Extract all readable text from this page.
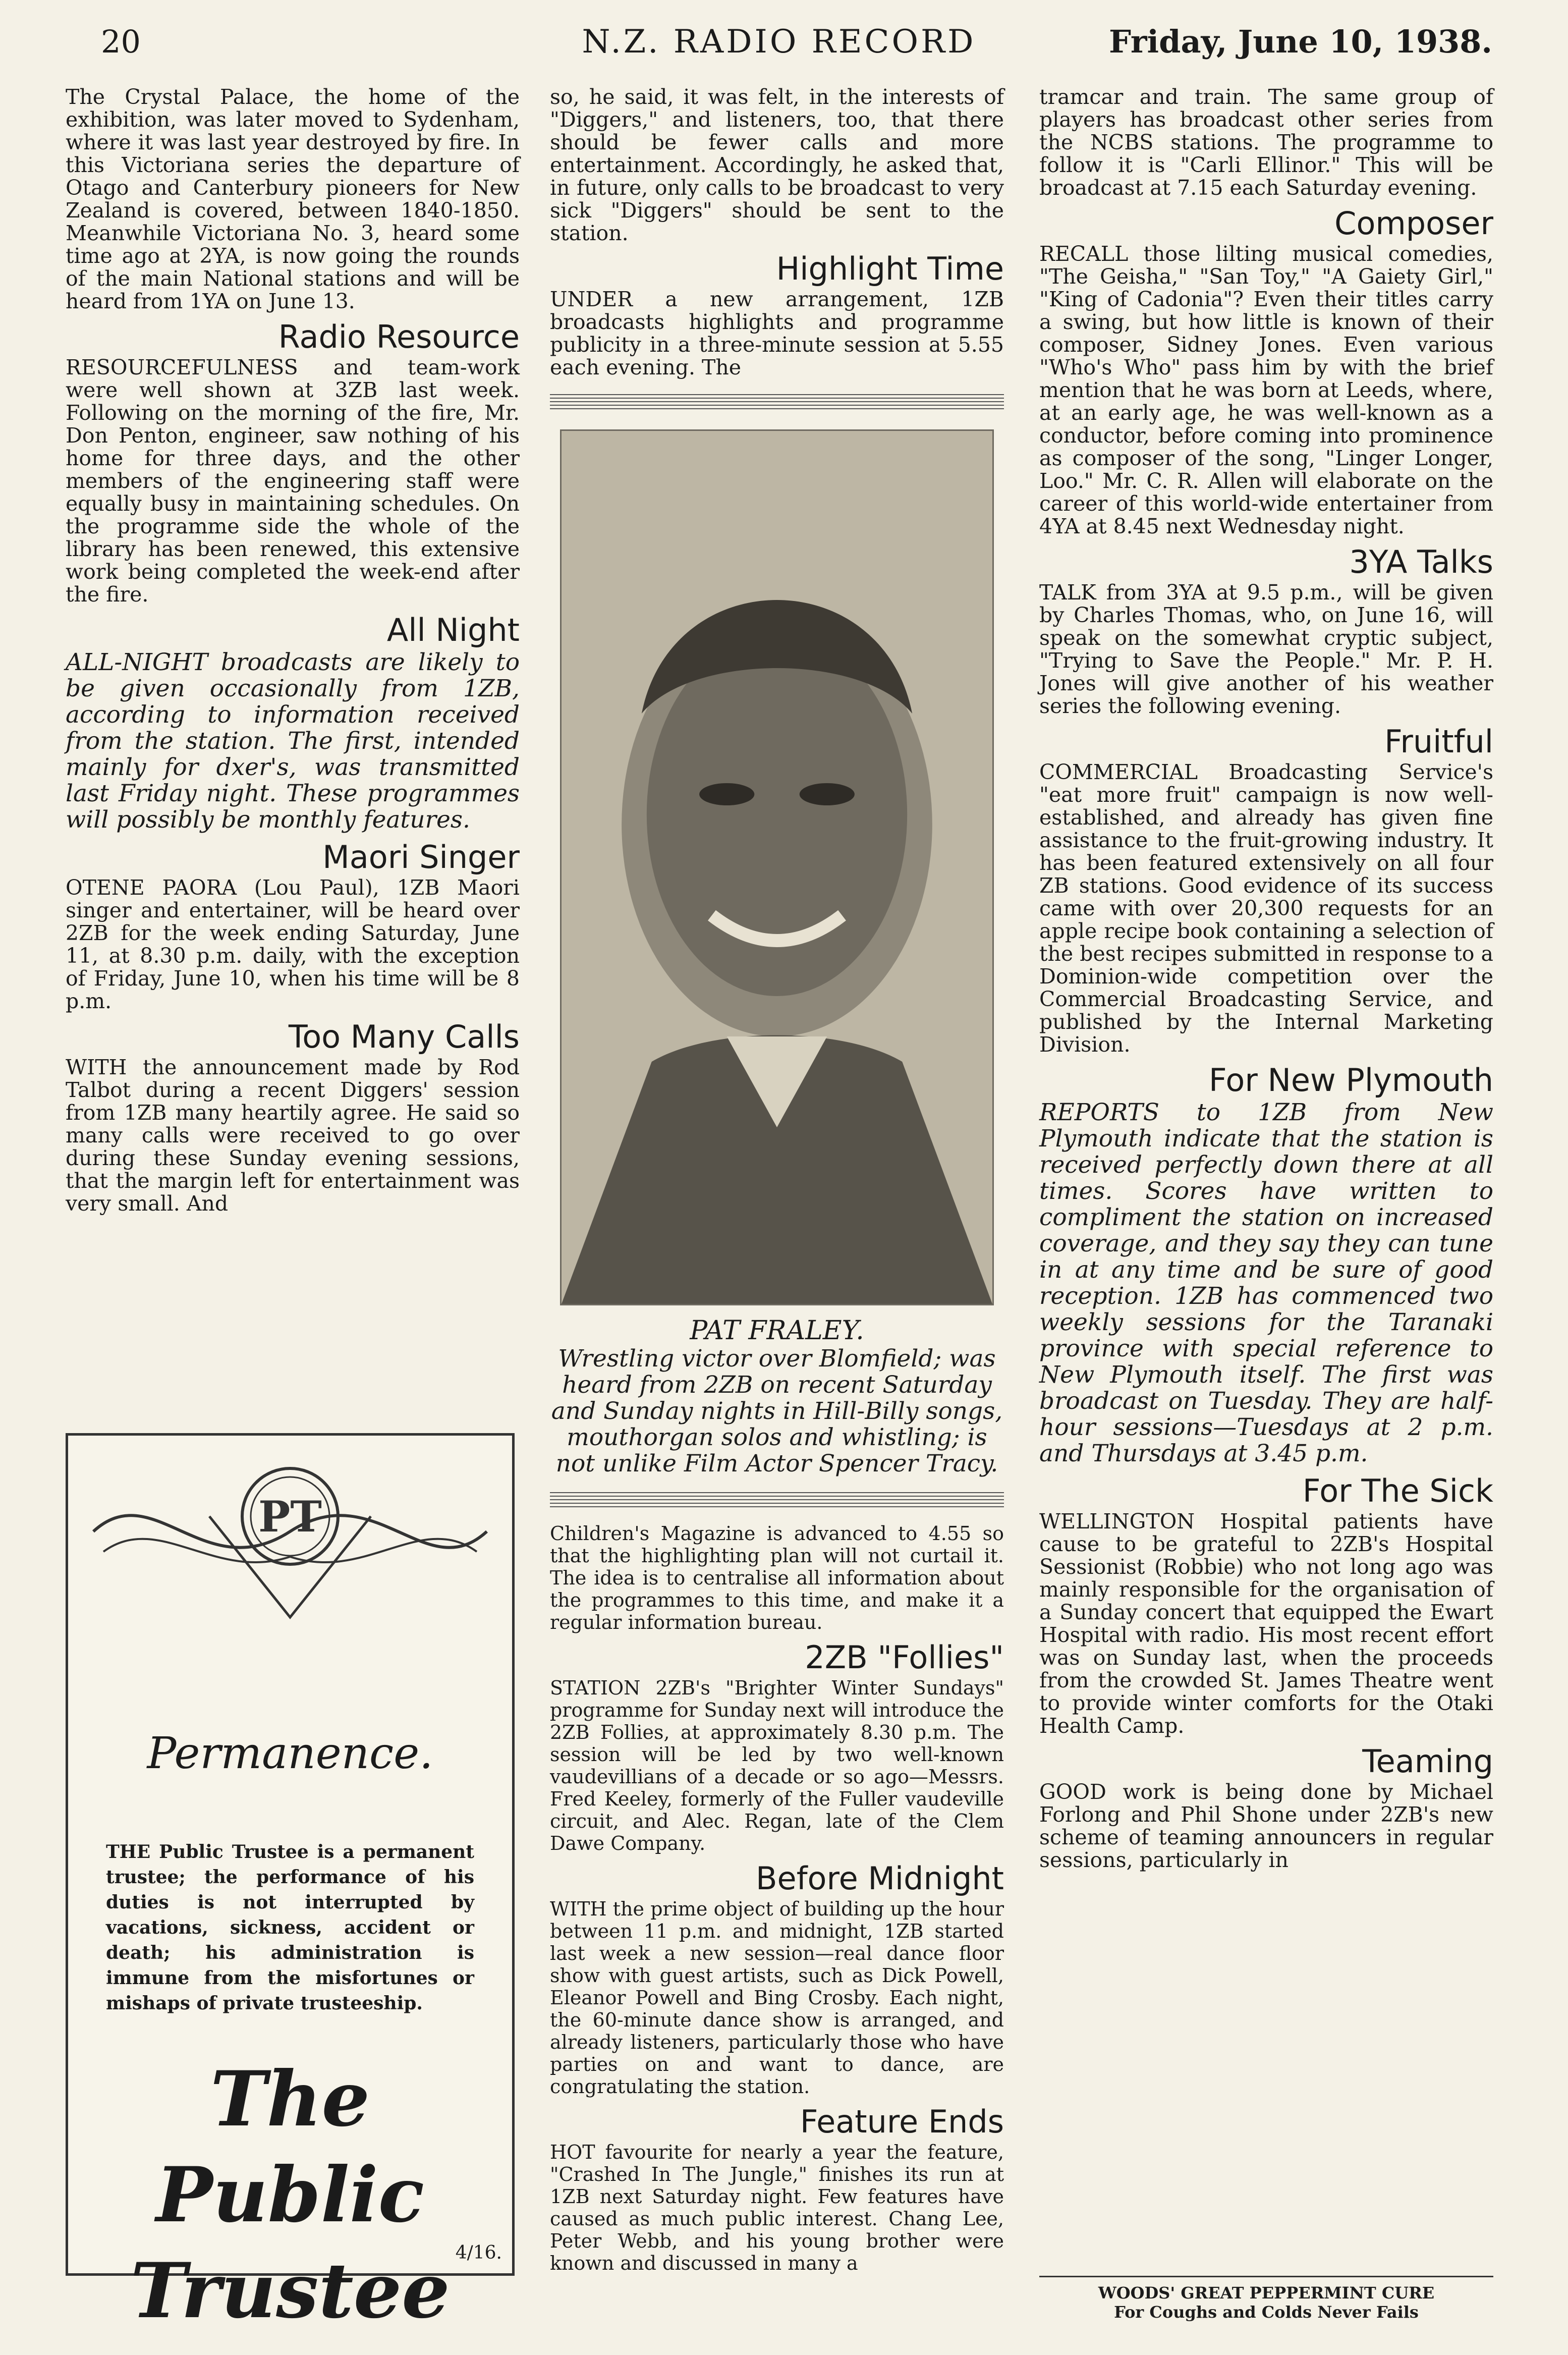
20	N.Z. RADIO RECORD	Friday, June 10, 1938.

The Crystal Palace, the home of the exhibition, was later moved to Sydenham, where it was last year destroyed by fire. In this Victoriana series the departure of Otago and Canterbury pioneers for New Zealand is covered, between 1840-1850. Meanwhile Victoriana No. 3, heard some time ago at 2YA, is now going the rounds of the main National stations and will be heard from 1YA on June 13.

Radio Resource

RESOURCEFULNESS and team-work were well shown at 3ZB last week. Following on the morning of the fire, Mr. Don Penton, engineer, saw nothing of his home for three days, and the other members of the engineering staff were equally busy in maintaining schedules. On the programme side the whole of the library has been renewed, this extensive work being completed the week-end after the fire.

All Night

ALL-NIGHT broadcasts are likely to be given occasionally from 1ZB, according to information received from the station. The first, intended mainly for dxer's, was transmitted last Friday night. These programmes will possibly be monthly features.

Maori Singer

OTENE PAORA (Lou Paul), 1ZB Maori singer and entertainer, will be heard over 2ZB for the week ending Saturday, June 11, at 8.30 p.m. daily, with the exception of Friday, June 10, when his time will be 8 p.m.

Too Many Calls

WITH the announcement made by Rod Talbot during a recent Diggers' session from 1ZB many heartily agree. He said so many calls were received to go over during these Sunday evening sessions, that the margin left for entertainment was very small. And

PT
Permanence.

THE Public Trustee is a permanent trustee; the performance of his duties is not interrupted by vacations, sickness, accident or death; his administration is immune from the misfortunes or mishaps of private trusteeship.

The Public Trustee 4/16.

so, he said, it was felt, in the interests of "Diggers," and listeners, too, that there should be fewer calls and more entertainment. Accordingly, he asked that, in future, only calls to be broadcast to very sick "Diggers" should be sent to the station.

Highlight Time

UNDER a new arrangement, 1ZB broadcasts highlights and programme publicity in a three-minute session at 5.55 each evening. The

PAT FRALEY.

Wrestling victor over Blomfield; was heard from 2ZB on recent Saturday and Sunday nights in Hill-Billy songs, mouthorgan solos and whistling; is not unlike Film Actor Spencer Tracy.

Children's Magazine is advanced to 4.55 so that the highlighting plan will not curtail it. The idea is to centralise all information about the programmes to this time, and make it a regular information bureau.

2ZB "Follies"

STATION 2ZB's "Brighter Winter Sundays" programme for Sunday next will introduce the 2ZB Follies, at approximately 8.30 p.m. The session will be led by two well-known vaudevillians of a decade or so ago—Messrs. Fred Keeley, formerly of the Fuller vaudeville circuit, and Alec. Regan, late of the Clem Dawe Company.

Before Midnight

WITH the prime object of building up the hour between 11 p.m. and midnight, 1ZB started last week a new session—real dance floor show with guest artists, such as Dick Powell, Eleanor Powell and Bing Crosby. Each night, the 60-minute dance show is arranged, and already listeners, particularly those who have parties on and want to dance, are congratulating the station.

Feature Ends

HOT favourite for nearly a year the feature, "Crashed In The Jungle," finishes its run at 1ZB next Saturday night. Few features have caused as much public interest. Chang Lee, Peter Webb, and his young brother were known and discussed in many a

tramcar and train. The same group of players has broadcast other series from the NCBS stations. The programme to follow it is "Carli Ellinor." This will be broadcast at 7.15 each Saturday evening.

Composer

RECALL those lilting musical comedies, "The Geisha," "San Toy," "A Gaiety Girl," "King of Cadonia"? Even their titles carry a swing, but how little is known of their composer, Sidney Jones. Even various "Who's Who" pass him by with the brief mention that he was born at Leeds, where, at an early age, he was well-known as a conductor, before coming into prominence as composer of the song, "Linger Longer, Loo." Mr. C. R. Allen will elaborate on the career of this world-wide entertainer from 4YA at 8.45 next Wednesday night.

3YA Talks

TALK from 3YA at 9.5 p.m., will be given by Charles Thomas, who, on June 16, will speak on the somewhat cryptic subject, "Trying to Save the People." Mr. P. H. Jones will give another of his weather series the following evening.

Fruitful

COMMERCIAL Broadcasting Service's "eat more fruit" campaign is now well-established, and already has given fine assistance to the fruit-growing industry. It has been featured extensively on all four ZB stations. Good evidence of its success came with over 20,300 requests for an apple recipe book containing a selection of the best recipes submitted in response to a Dominion-wide competition over the Commercial Broadcasting Service, and published by the Internal Marketing Division.

For New Plymouth

REPORTS to 1ZB from New Plymouth indicate that the station is received perfectly down there at all times. Scores have written to compliment the station on increased coverage, and they say they can tune in at any time and be sure of good reception. 1ZB has commenced two weekly sessions for the Taranaki province with special reference to New Plymouth itself. The first was broadcast on Tuesday. They are half-hour sessions—Tuesdays at 2 p.m. and Thursdays at 3.45 p.m.

For The Sick

WELLINGTON Hospital patients have cause to be grateful to 2ZB's Hospital Sessionist (Robbie) who not long ago was mainly responsible for the organisation of a Sunday concert that equipped the Ewart Hospital with radio. His most recent effort was on Sunday last, when the proceeds from the crowded St. James Theatre went to provide winter comforts for the Otaki Health Camp.

Teaming

GOOD work is being done by Michael Forlong and Phil Shone under 2ZB's new scheme of teaming announcers in regular sessions, particularly in

WOODS' GREAT PEPPERMINT CURE
For Coughs and Colds Never Fails
